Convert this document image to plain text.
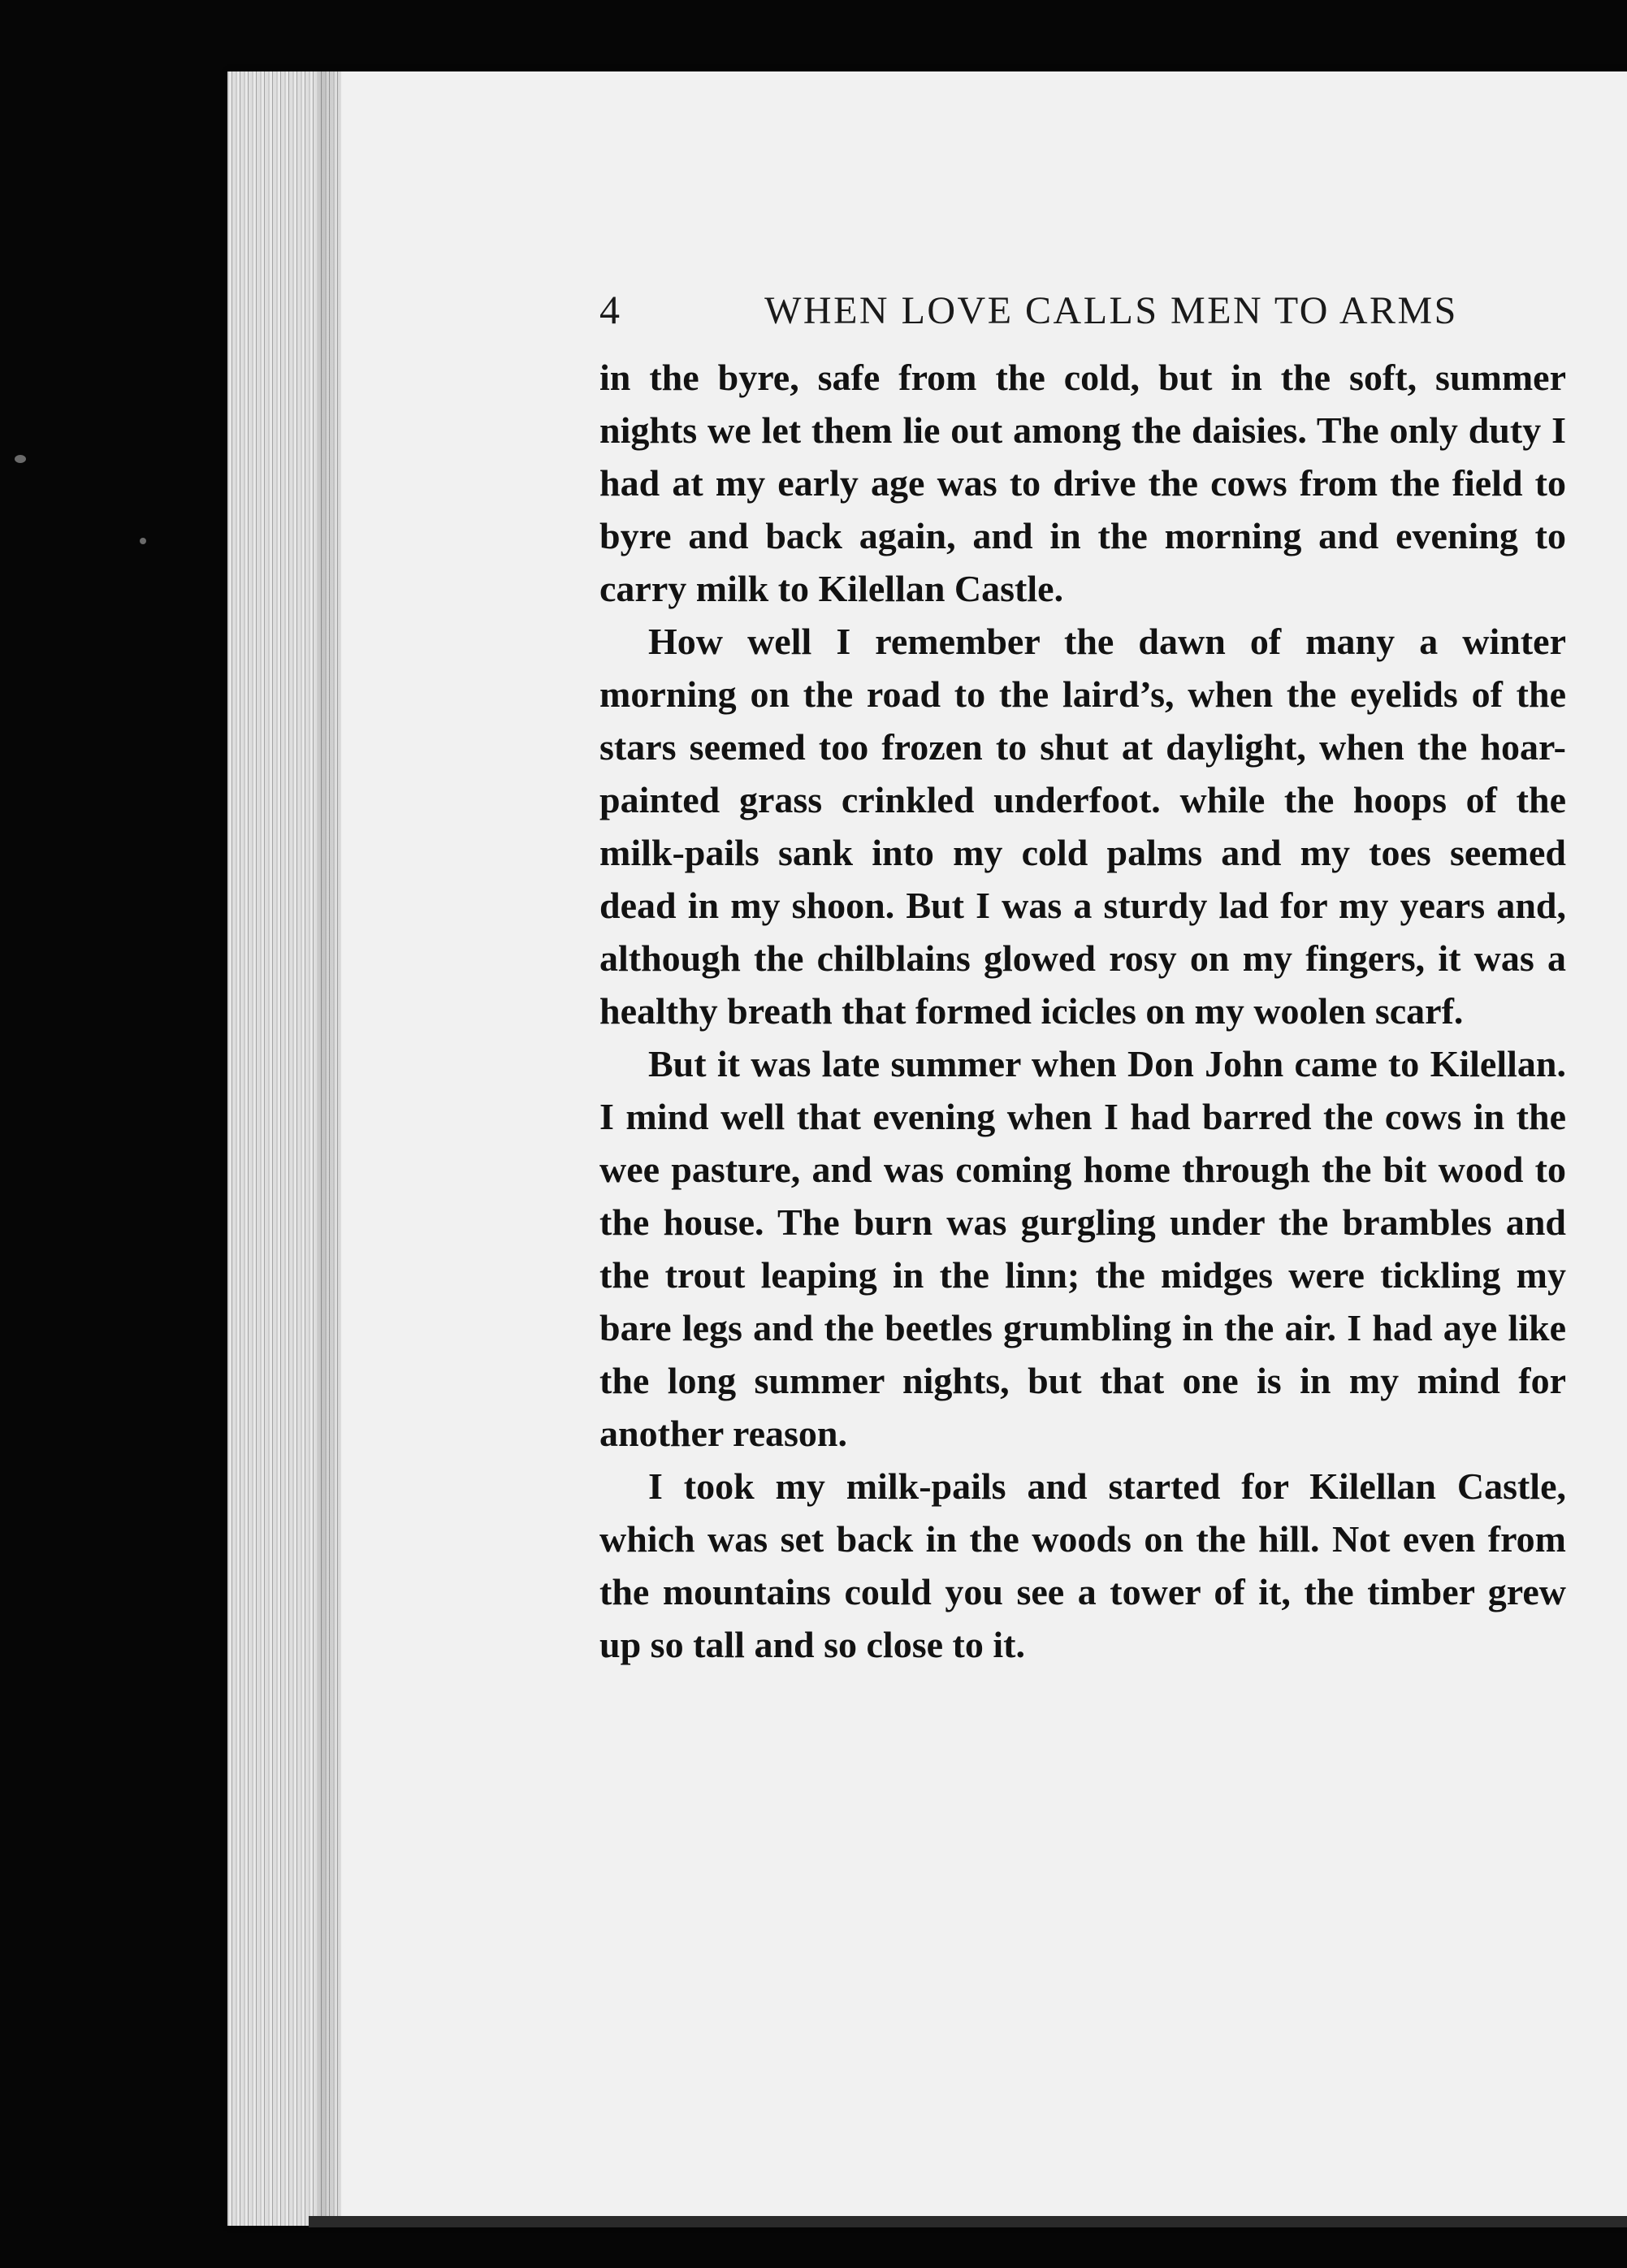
4	WHEN LOVE CALLS MEN TO ARMS

in the byre, safe from the cold, but in the soft, summer nights we let them lie out among the daisies. The only duty I had at my early age was to drive the cows from the field to byre and back again, and in the morning and evening to carry milk to Kilellan Castle.

How well I remember the dawn of many a winter morning on the road to the laird’s, when the eyelids of the stars seemed too frozen to shut at daylight, when the hoar-painted grass crinkled underfoot. while the hoops of the milk-pails sank into my cold palms and my toes seemed dead in my shoon. But I was a sturdy lad for my years and, although the chilblains glowed rosy on my fingers, it was a healthy breath that formed icicles on my woolen scarf.

But it was late summer when Don John came to Kilellan. I mind well that evening when I had barred the cows in the wee pasture, and was coming home through the bit wood to the house. The burn was gurgling under the brambles and the trout leaping in the linn; the midges were tickling my bare legs and the beetles grumbling in the air. I had aye like the long summer nights, but that one is in my mind for another reason.

I took my milk-pails and started for Kilellan Castle, which was set back in the woods on the hill. Not even from the mountains could you see a tower of it, the timber grew up so tall and so close to it.
